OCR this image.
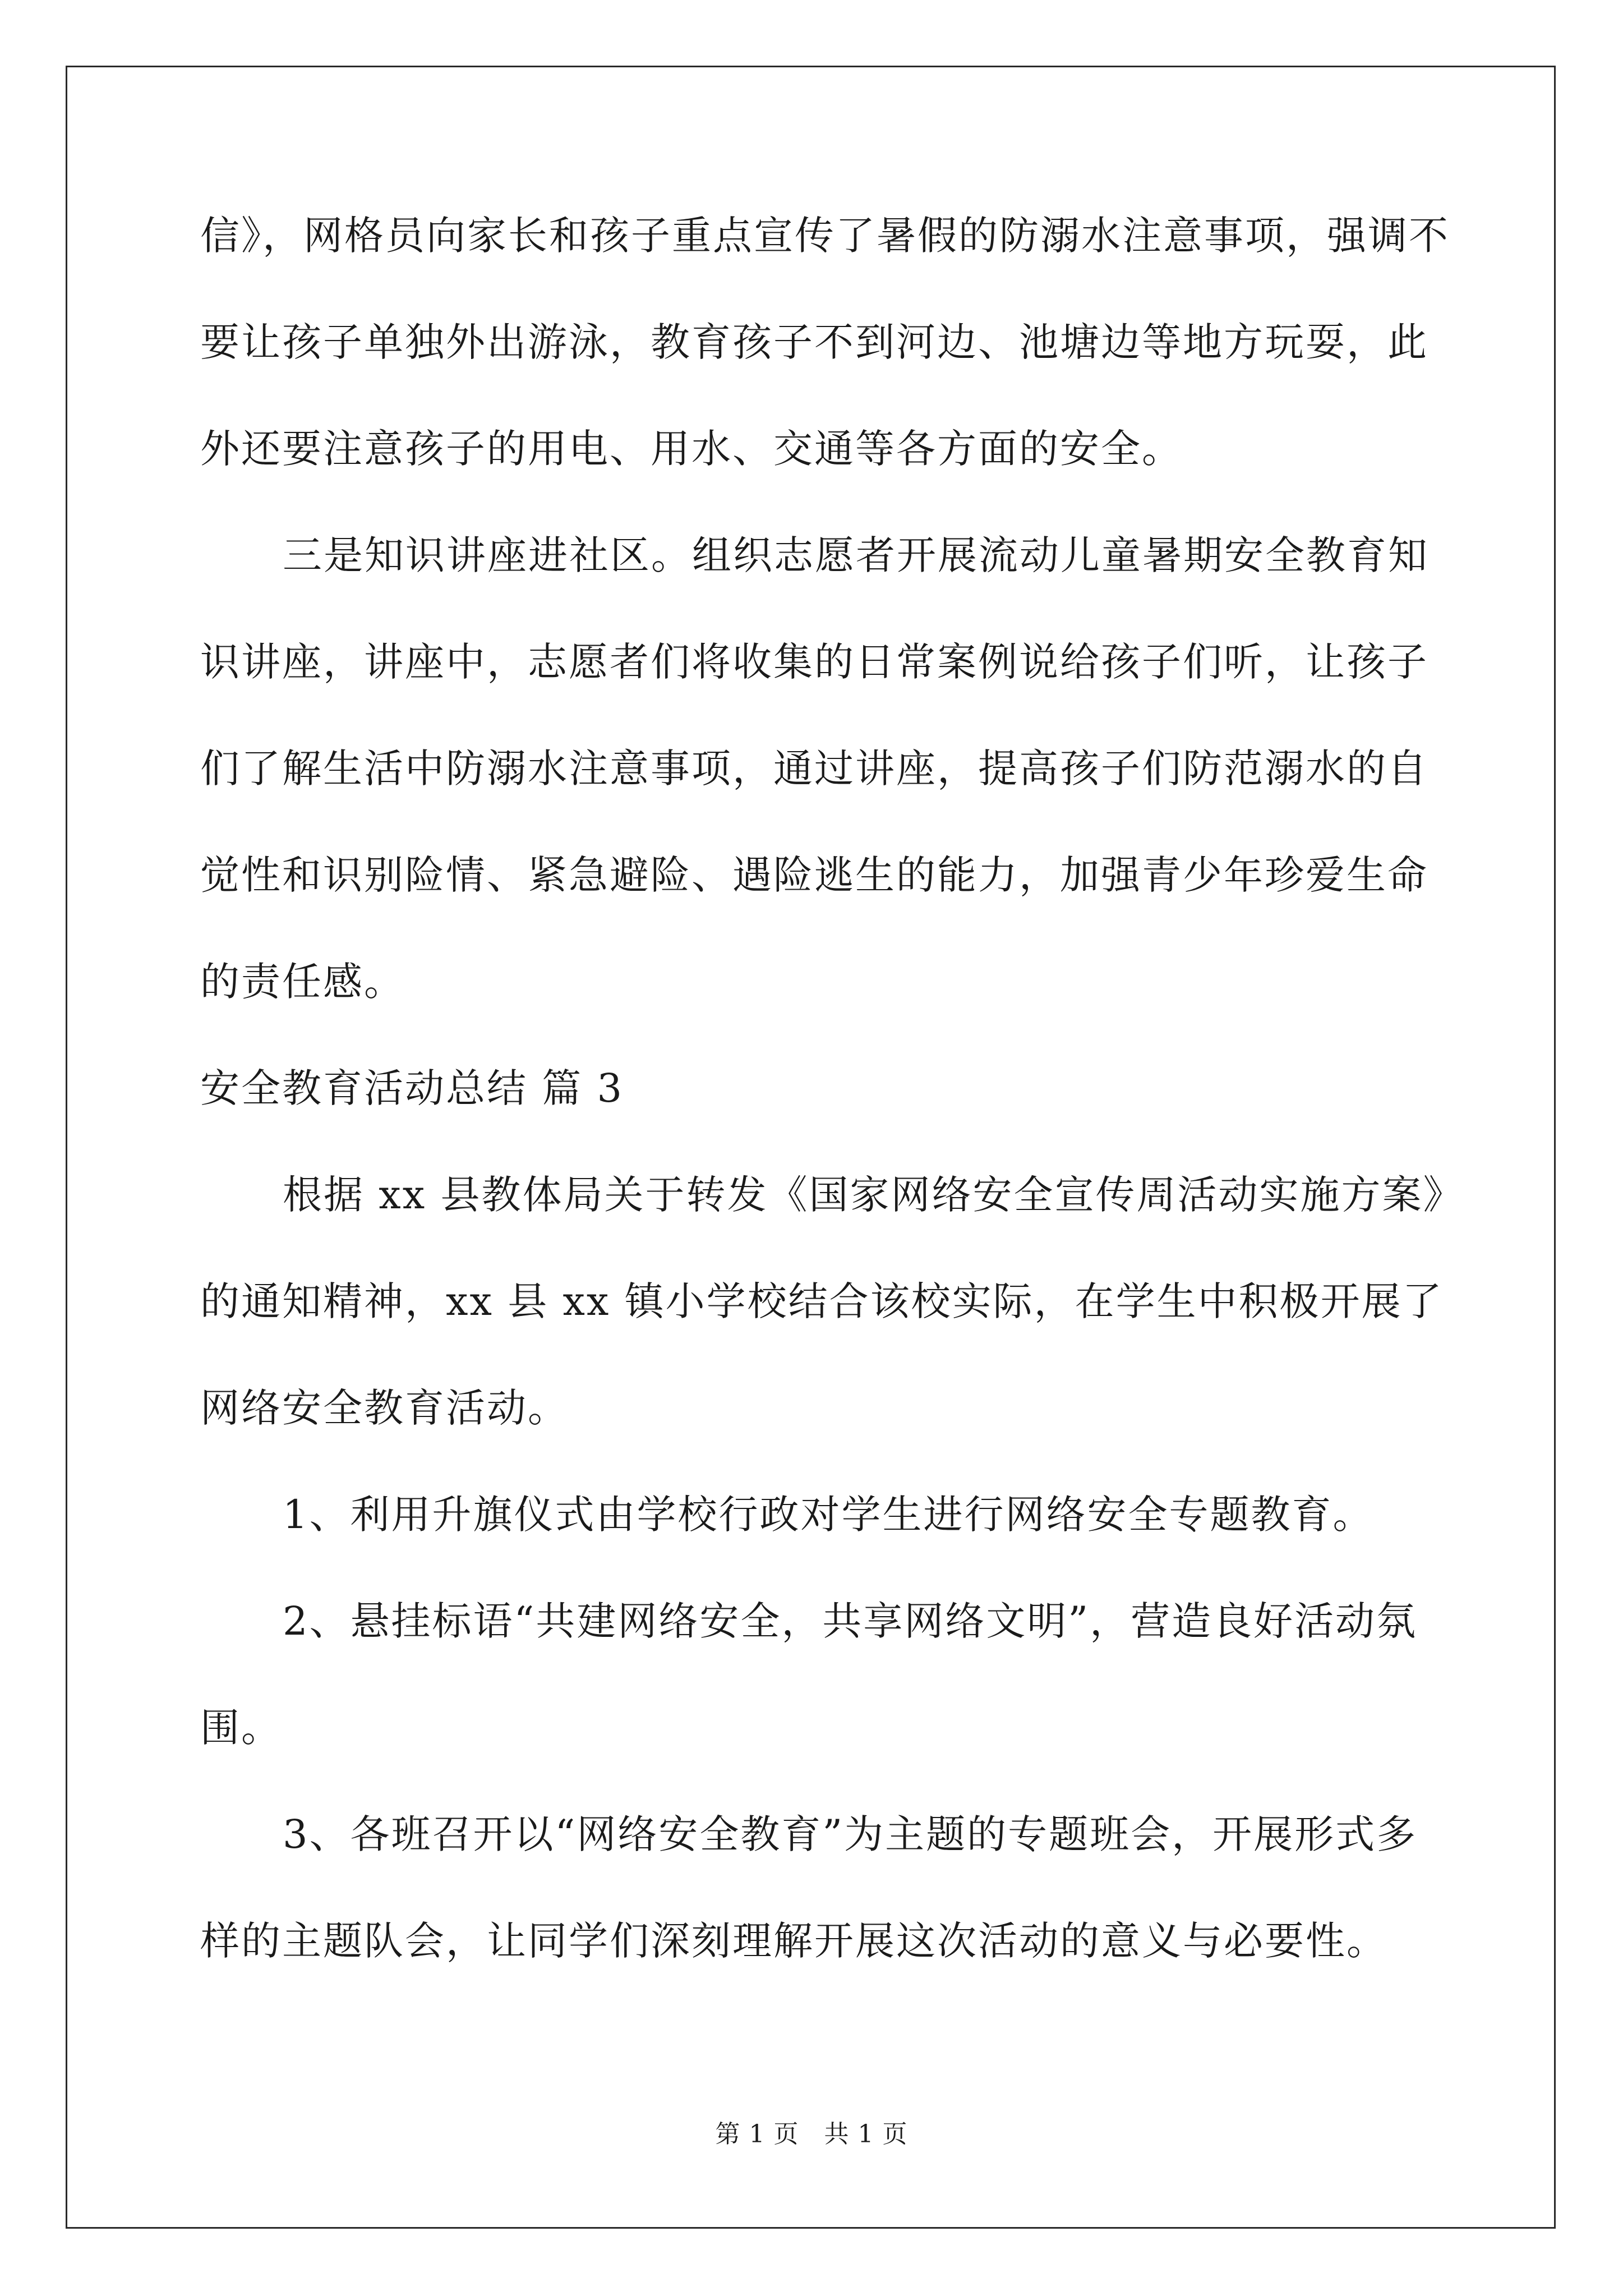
信》，网格员向家长和孩子重点宣传了暑假的防溺水注意事项，强调不
要让孩子单独外出游泳，教育孩子不到河边、池塘边等地方玩耍，此
外还要注意孩子的用电、用水、交通等各方面的安全。
三是知识讲座进社区。组织志愿者开展流动儿童暑期安全教育知
识讲座，讲座中，志愿者们将收集的日常案例说给孩子们听，让孩子
们了解生活中防溺水注意事项，通过讲座，提高孩子们防范溺水的自
觉性和识别险情、紧急避险、遇险逃生的能力，加强青少年珍爱生命
的责任感。
安全教育活动总结 篇 3
根据 xx 县教体局关于转发《国家网络安全宣传周活动实施方案》
的通知精神，xx 县 xx 镇小学校结合该校实际，在学生中积极开展了
网络安全教育活动。
1、利用升旗仪式由学校行政对学生进行网络安全专题教育。
2、悬挂标语“共建网络安全，共享网络文明”，营造良好活动氛
围。
3、各班召开以“网络安全教育”为主题的专题班会，开展形式多
样的主题队会，让同学们深刻理解开展这次活动的意义与必要性。
第 1 页　共 1 页
